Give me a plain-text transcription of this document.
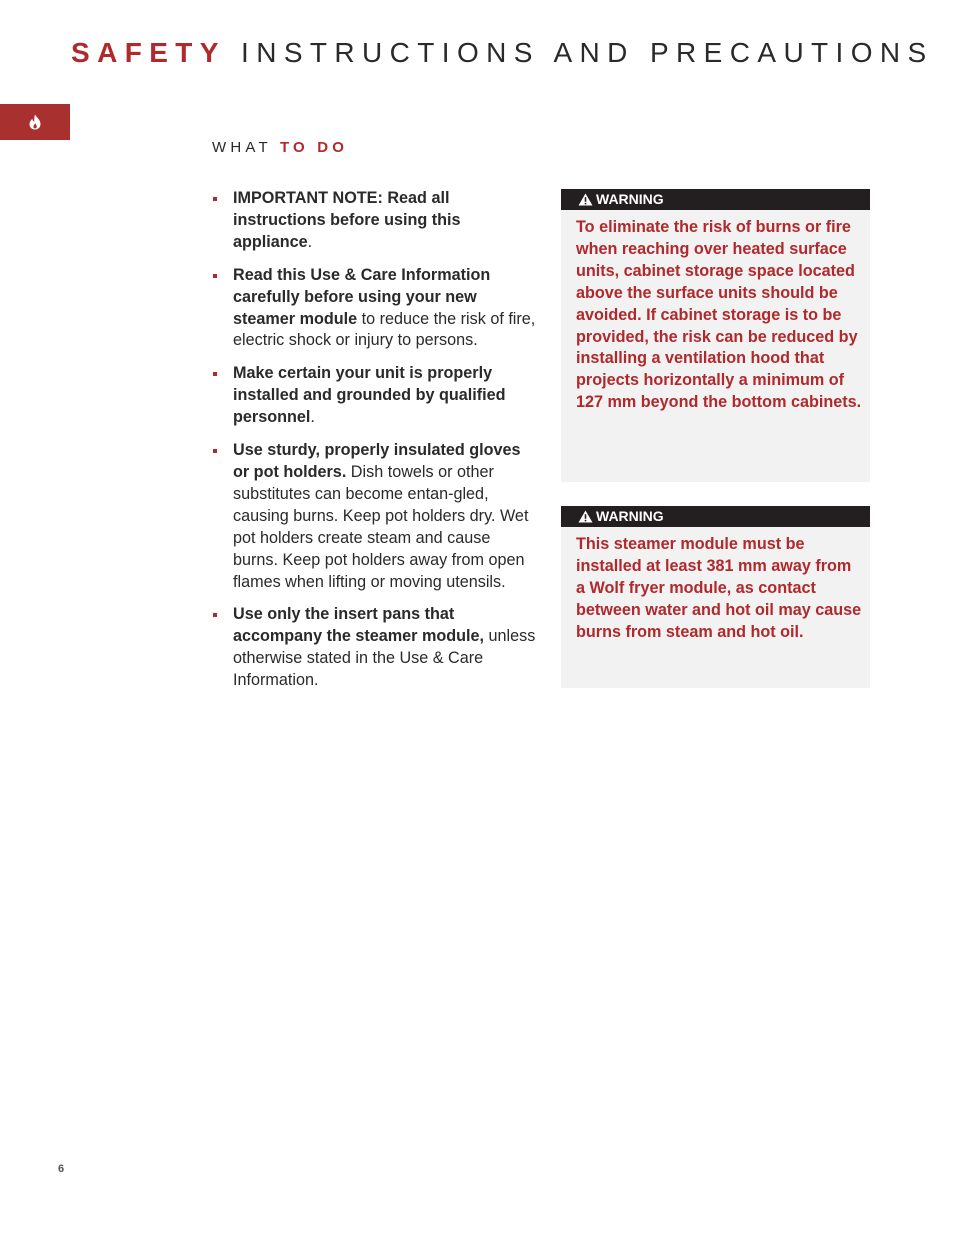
SAFETY INSTRUCTIONS AND PRECAUTIONS
WHAT TO DO
IMPORTANT NOTE: Read all instructions before using this appliance.
Read this Use & Care Information carefully before using your new steamer module to reduce the risk of fire, electric shock or injury to persons.
Make certain your unit is properly installed and grounded by qualified personnel.
Use sturdy, properly insulated gloves or pot holders. Dish towels or other substitutes can become entan-gled, causing burns. Keep pot holders dry. Wet pot holders create steam and cause burns. Keep pot holders away from open flames when lifting or moving utensils.
Use only the insert pans that accompany the steamer module, unless otherwise stated in the Use & Care Information.
WARNING
To eliminate the risk of burns or fire when reaching over heated surface units, cabinet storage space located above the surface units should be avoided. If cabinet storage is to be provided, the risk can be reduced by installing a ventilation hood that projects horizontally a minimum of 127 mm beyond the bottom cabinets.
WARNING
This steamer module must be installed at least 381 mm away from a Wolf fryer module, as contact between water and hot oil may cause burns from steam and hot oil.
6
